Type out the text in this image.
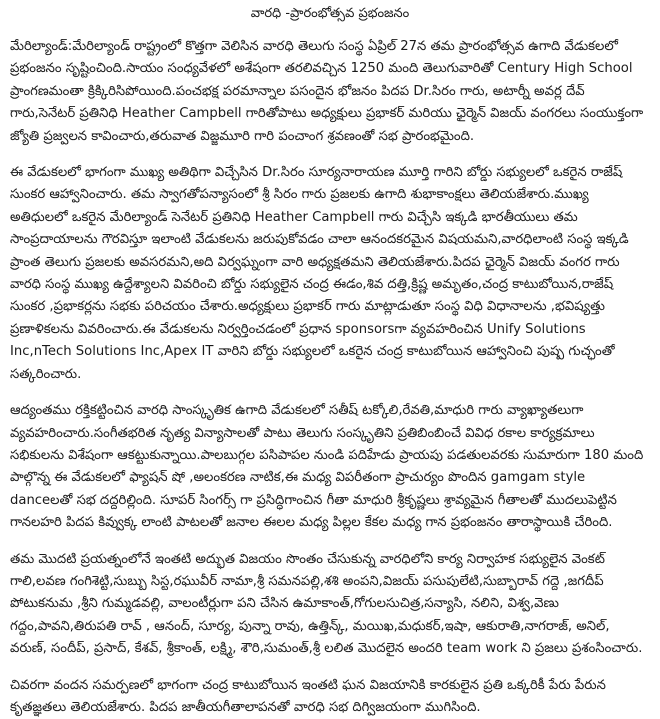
వారధి -ప్రారంభోత్సవ ప్రభంజనం

మేరిల్యాండ్:మేరిల్యాండ్ రాష్ట్రంలో కొత్తగా వెలిసిన వారధి తెలుగు సంస్థ ఏప్రిల్ 27న తమ ప్రారంభోత్సవ ఉగాది వేడుకలలో ప్రభంజనం సృష్టించింది.సాయం సంధ్యవేళలో అశేషంగా తరలివచ్చిన 1250 మంది తెలుగువారితో Century High School ప్రాంగణమంతా క్రిక్కిరిసిపోయింది.పంచభక్ష పరమాన్నాల పసందైన భోజనం పిదప Dr.సిరం గారు, అటార్నీ అవర్ల దేవ్ గారు,సెనేటర్ ప్రతినిధి Heather Campbell గారితోపాటు అధ్యక్షులు ప్రభాకర్ మరియు ఛైర్మెన్ విజయ్ వంగరలు సంయుక్తంగా జ్యోతి ప్రజ్వలన కావించారు,తరువాత విజ్జమూరి గారి పంచాంగ శ్రవణంతో సభ ప్రారంభమైంది.

ఈ వేడుకలలో భాగంగా ముఖ్య అతిథిగా విచ్చేసిన Dr.సిరం సూర్యనారాయణ మూర్తి గారిని బోర్డు సభ్యులలో ఒకరైన రాజేష్ సుంకర ఆహ్వానించారు. తమ స్వాగతోపన్యాసంలో శ్రీ సిరం గారు ప్రజలకు ఉగాది శుభాకాంక్షలు తెలియజేశారు.ముఖ్య అతిధులలో ఒకరైన మేరిల్యాండ్ సెనేటర్ ప్రతినిధి Heather Campbell గారు విచ్చేసి ఇక్కడి భారతీయులు తమ సాంప్రదాయాలను గౌరవిస్తూ ఇలాంటి వేడుకలను జరుపుకోవడం చాలా ఆనందకరమైన విషయమని,వారధిలాంటి సంస్థ ఇక్కడి ప్రాంత తెలుగు ప్రజలకు అవసరమని,అది విర్వఘ్నంగా వారి అధ్యక్షతమని తెలియజేశారు.పిదప ఛైర్మెన్ విజయ్ వంగర గారు వారధి సంస్థ ముఖ్య ఉద్దేశ్యాలని వివరించి బోర్డు సభ్యులైన చంద్ర ఈడం,శివ దత్తి,క్రిష్ణ అమృతం,చంద్ర కాటుబోయిన,రాజేష్ సుంకర ,ప్రభాకర్లను సభకు పరిచయం చేశారు.అధ్యక్షులు ప్రభాకర్ గారు మాట్లాడుతూ సంస్థ విధి విధానాలను ,భవిష్యత్తు ప్రణాళికలను వివరించారు.ఈ వేడుకలను నిర్వర్తించడంలో ప్రధాన sponsorsగా వ్యవహరించిన Unify Solutions Inc,nTech Solutions Inc,Apex IT వారిని బోర్డు సభ్యులలో ఒకరైన చంద్ర కాటుబోయిన ఆహ్వానించి పుష్ప గుచ్ఛంతో సత్కరించారు.

ఆద్యంతము రక్తికట్టించిన వారధి సాంస్కృతిక ఉగాది వేడుకలలో సతీష్ టక్కోలి,రేవతి,మాధురి గారు వ్యాఖ్యాతలుగా వ్యవహరించారు.సంగీతభరిత నృత్య విన్యాసాలతో పాటు తెలుగు సంస్కృతిని ప్రతిబింబించే వివిధ రకాల కార్యక్రమాలు సభికులను విశేషంగా ఆకట్టుకున్నాయి.పాలబుగ్గల పసిపాపల నుండి పదిహేడు ప్రాయపు పడతులవరకు సుమారుగా 180 మంది పాల్గొన్న ఈ వేడుకలలో ఫ్యాషన్ షో ,అలంకరణ నాటిక,ఈ మధ్య విపరీతంగా ప్రాచుర్యం పొందిన gamgam style danceలతో సభ దద్దరిల్లింది. సూపర్ సింగర్స్ గా ప్రసిద్ధిగాంచిన గీతా మాధురి శ్రీకృష్ణలు శ్రావ్యమైన గీతాలతో ముదలుపెట్టిన గానలహరి పిదప కివ్వుక్క లాంటి పాటలతో జనాల ఈలల మధ్య పిల్లల కేకల మధ్య గాన ప్రభంజనం తారాస్థాయికి చేరింది.

తమ మొదటి ప్రయత్నంలోనే ఇంతటి అద్భుత విజయం సొంతం చేసుకున్న వారధిలోని కార్య నిర్వాహక సభ్యులైన వెంకట్ గాలి,లవణ గంగిశెట్టి,సుబ్బు సిస్ట,రఘువీర్ నామా,శ్రీ సమనపల్లి,శశి అంపని,విజయ్ పసుపులేటి,సుబ్బారావ్ గద్దె ,జగదీప్ పోటుకనుమ ,శ్రీని గుమ్మడవల్లి, వాలంటీర్లుగా పని చేసిన ఉమాకాంత్,గోగులసుచిత్ర,సన్యాసి, నలిని, విశ్వ,వెణు గద్దం,పావని,తిరుపతి రావ్ , ఆనంద్, సూర్య, పున్నా రావు, ఉత్తిన్క్, మయిఖ,మధుకర్,ఇషా, ఆకురాతి,నాగరాజ్, అనిల్, వరుణ్, సందీప్, ప్రసాద్, కేశవ్, శ్రీకాంత్, లక్ష్మి, శౌరి,సుమంత్,శ్రీ లలిత మొదలైన అందరి team work ని ప్రజలు ప్రశంసించారు.

చివరగా వందన సమర్పణలో భాగంగా చంద్ర కాటుబోయిన ఇంతటి ఘన విజయానికి కారకులైన ప్రతి ఒక్కరికీ పేరు పేరున కృతజ్ఞతలు తెలియజేశారు. పిదప జాతీయగీతాలాపనతో వారధి సభ దిగ్విజయంగా ముగిసింది.
